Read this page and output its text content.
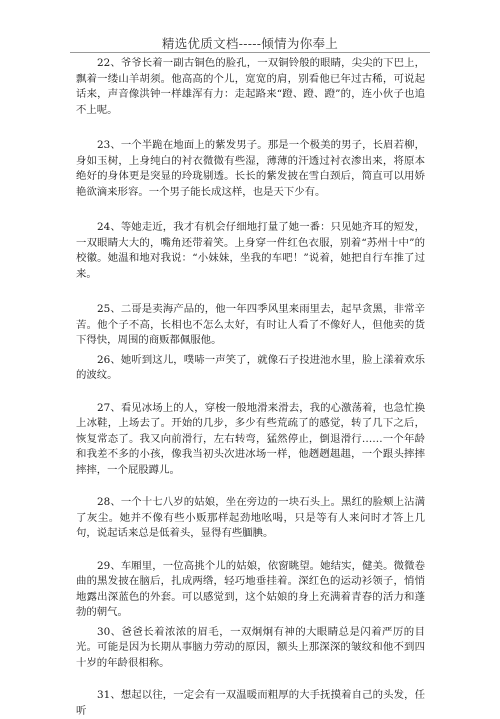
精选优质文档-----倾情为你奉上

22、爷爷长着一副古铜色的脸孔，一双铜铃般的眼睛，尖尖的下巴上，飘着一缕山羊胡须。他高高的个儿，宽宽的肩，别看他已年过古稀，可说起话来，声音像洪钟一样雄浑有力：走起路来“蹬、蹬、蹬”的，连小伙子也追不上呢。

23、一个半跪在地面上的紫发男子。那是一个极美的男子，长眉若柳，身如玉树，上身纯白的衬衣微微有些湿，薄薄的汗透过衬衣渗出来，将原本绝好的身体更是突显的玲珑剔透。长长的紫发披在雪白颈后，简直可以用娇艳欲滴来形容。一个男子能长成这样，也是天下少有。

24、等她走近，我才有机会仔细地打量了她一番：只见她齐耳的短发，一双眼睛大大的，嘴角还带着笑。上身穿一件红色衣服，别着“苏州十中”的校徽。她温和地对我说：“小妹妹，坐我的车吧！”说着，她把自行车推了过来。

25、二哥是卖海产品的，他一年四季风里来雨里去，起早贪黑，非常辛苦。他个子不高，长相也不怎么太好，有时让人看了不像好人，但他卖的货下得快，周围的商贩都佩服他。

26、她听到这儿，噗哧一声笑了，就像石子投进池水里，脸上漾着欢乐的波纹。

27、看见冰场上的人，穿梭一般地滑来滑去，我的心激荡着，也急忙换上冰鞋，上场去了。开始的几步，多少有些荒疏了的感觉，转了几下之后，恢复常态了。我又向前滑行，左右转弯，猛然停止，倒退滑行……一个年龄和我差不多的小孩，像我当初头次进冰场一样，他趔趔趄趄，一个跟头摔摔摔摔，一个屁股蹲儿。

28、一个十七八岁的姑娘，坐在旁边的一块石头上。黑红的脸颊上沾满了灰尘。她并不像有些小贩那样起劲地吆喝，只是等有人来问时才答上几句，说起话来总是低着头，显得有些腼腆。

29、车厢里，一位高挑个儿的姑娘，依窗眺望。她结实，健美。微微卷曲的黑发披在脑后，扎成两绺，轻巧地垂挂着。深红色的运动衫领子，悄悄地露出深蓝色的外套。可以感觉到，这个姑娘的身上充满着青春的活力和蓬勃的朝气。

30、爸爸长着浓浓的眉毛，一双炯炯有神的大眼睛总是闪着严厉的目光。可能是因为长期从事脑力劳动的原因，额头上那深深的皱纹和他不到四十岁的年龄很相称。

31、想起以往，一定会有一双温暖而粗厚的大手抚摸着自己的头发，任听
